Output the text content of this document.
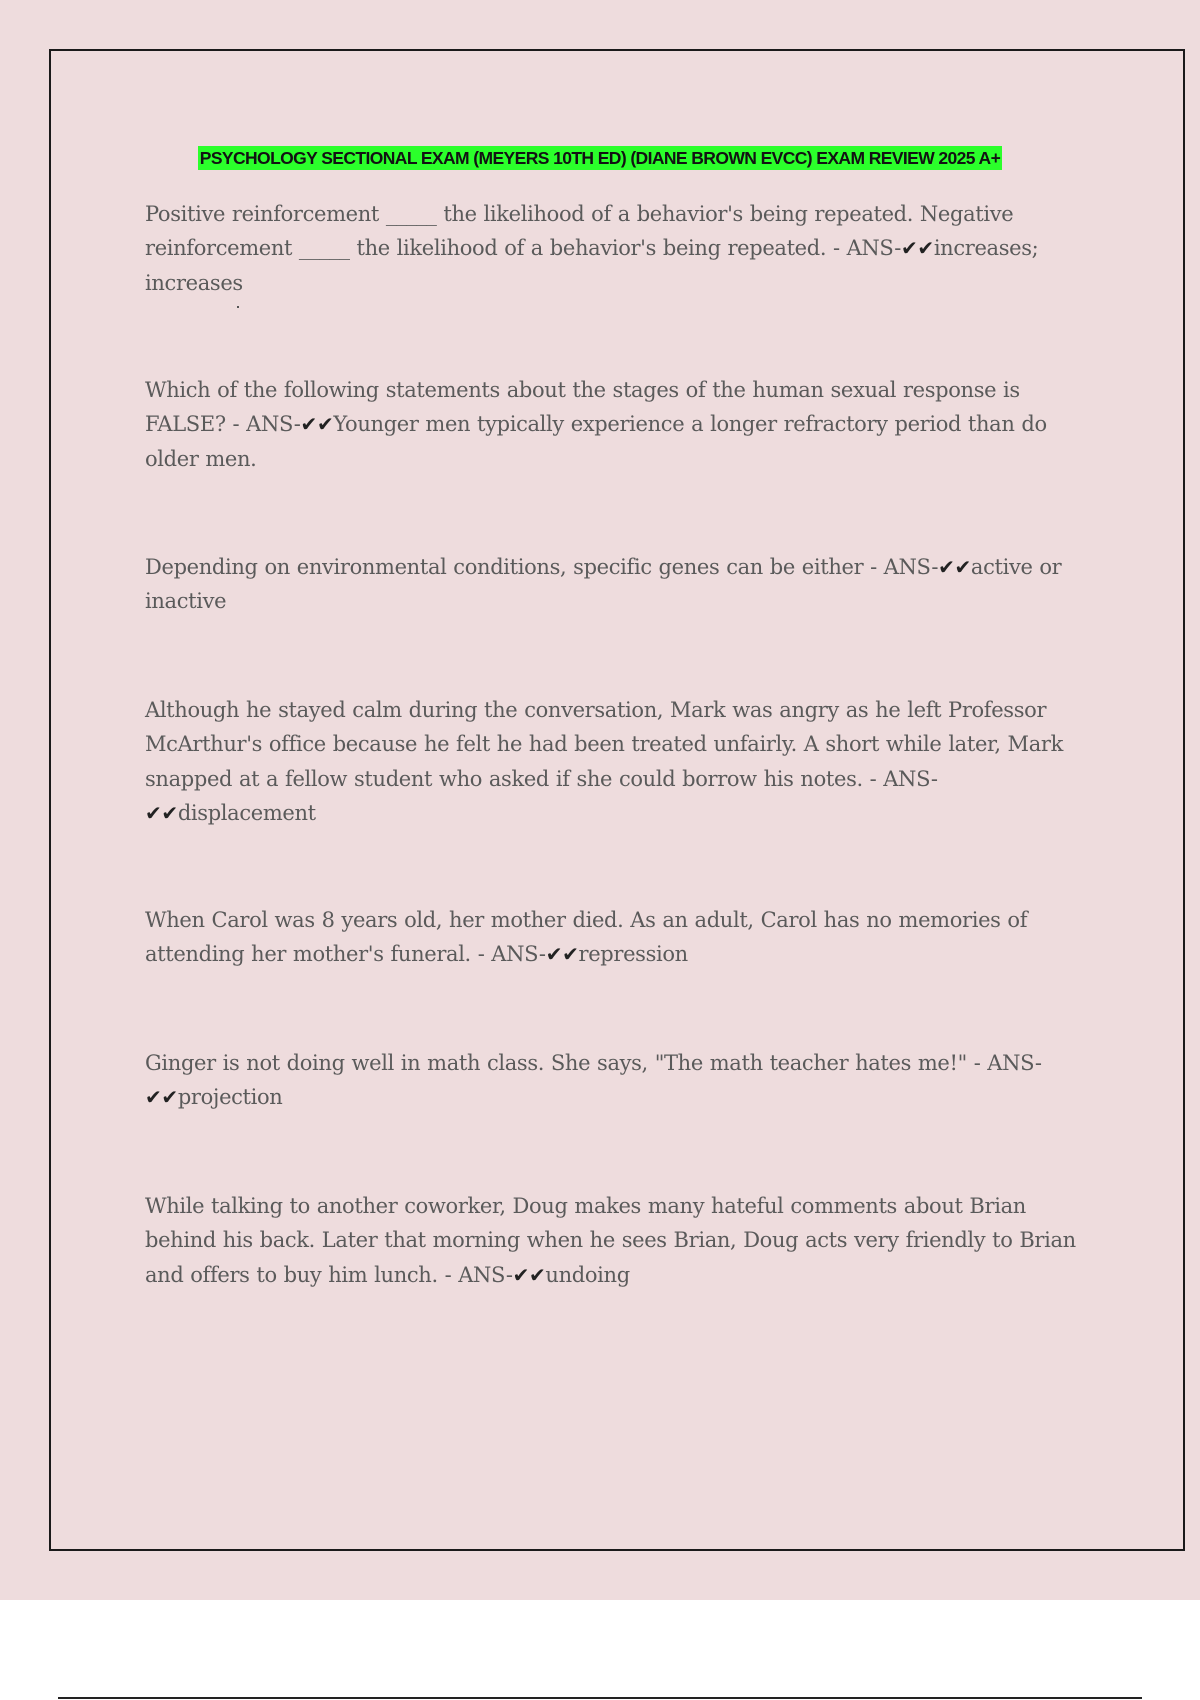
PSYCHOLOGY SECTIONAL EXAM (MEYERS 10TH ED) (DIANE BROWN EVCC) EXAM REVIEW 2025 A+
Positive reinforcement _____ the likelihood of a behavior's being repeated. Negative reinforcement _____ the likelihood of a behavior's being repeated. - ANS-✔✔increases; increases
Which of the following statements about the stages of the human sexual response is FALSE? - ANS-✔✔Younger men typically experience a longer refractory period than do older men.
Depending on environmental conditions, specific genes can be either - ANS-✔✔active or inactive
Although he stayed calm during the conversation, Mark was angry as he left Professor McArthur's office because he felt he had been treated unfairly. A short while later, Mark snapped at a fellow student who asked if she could borrow his notes. - ANS-✔✔displacement
When Carol was 8 years old, her mother died. As an adult, Carol has no memories of attending her mother's funeral. - ANS-✔✔repression
Ginger is not doing well in math class. She says, "The math teacher hates me!" - ANS-✔✔projection
While talking to another coworker, Doug makes many hateful comments about Brian behind his back. Later that morning when he sees Brian, Doug acts very friendly to Brian and offers to buy him lunch. - ANS-✔✔undoing
